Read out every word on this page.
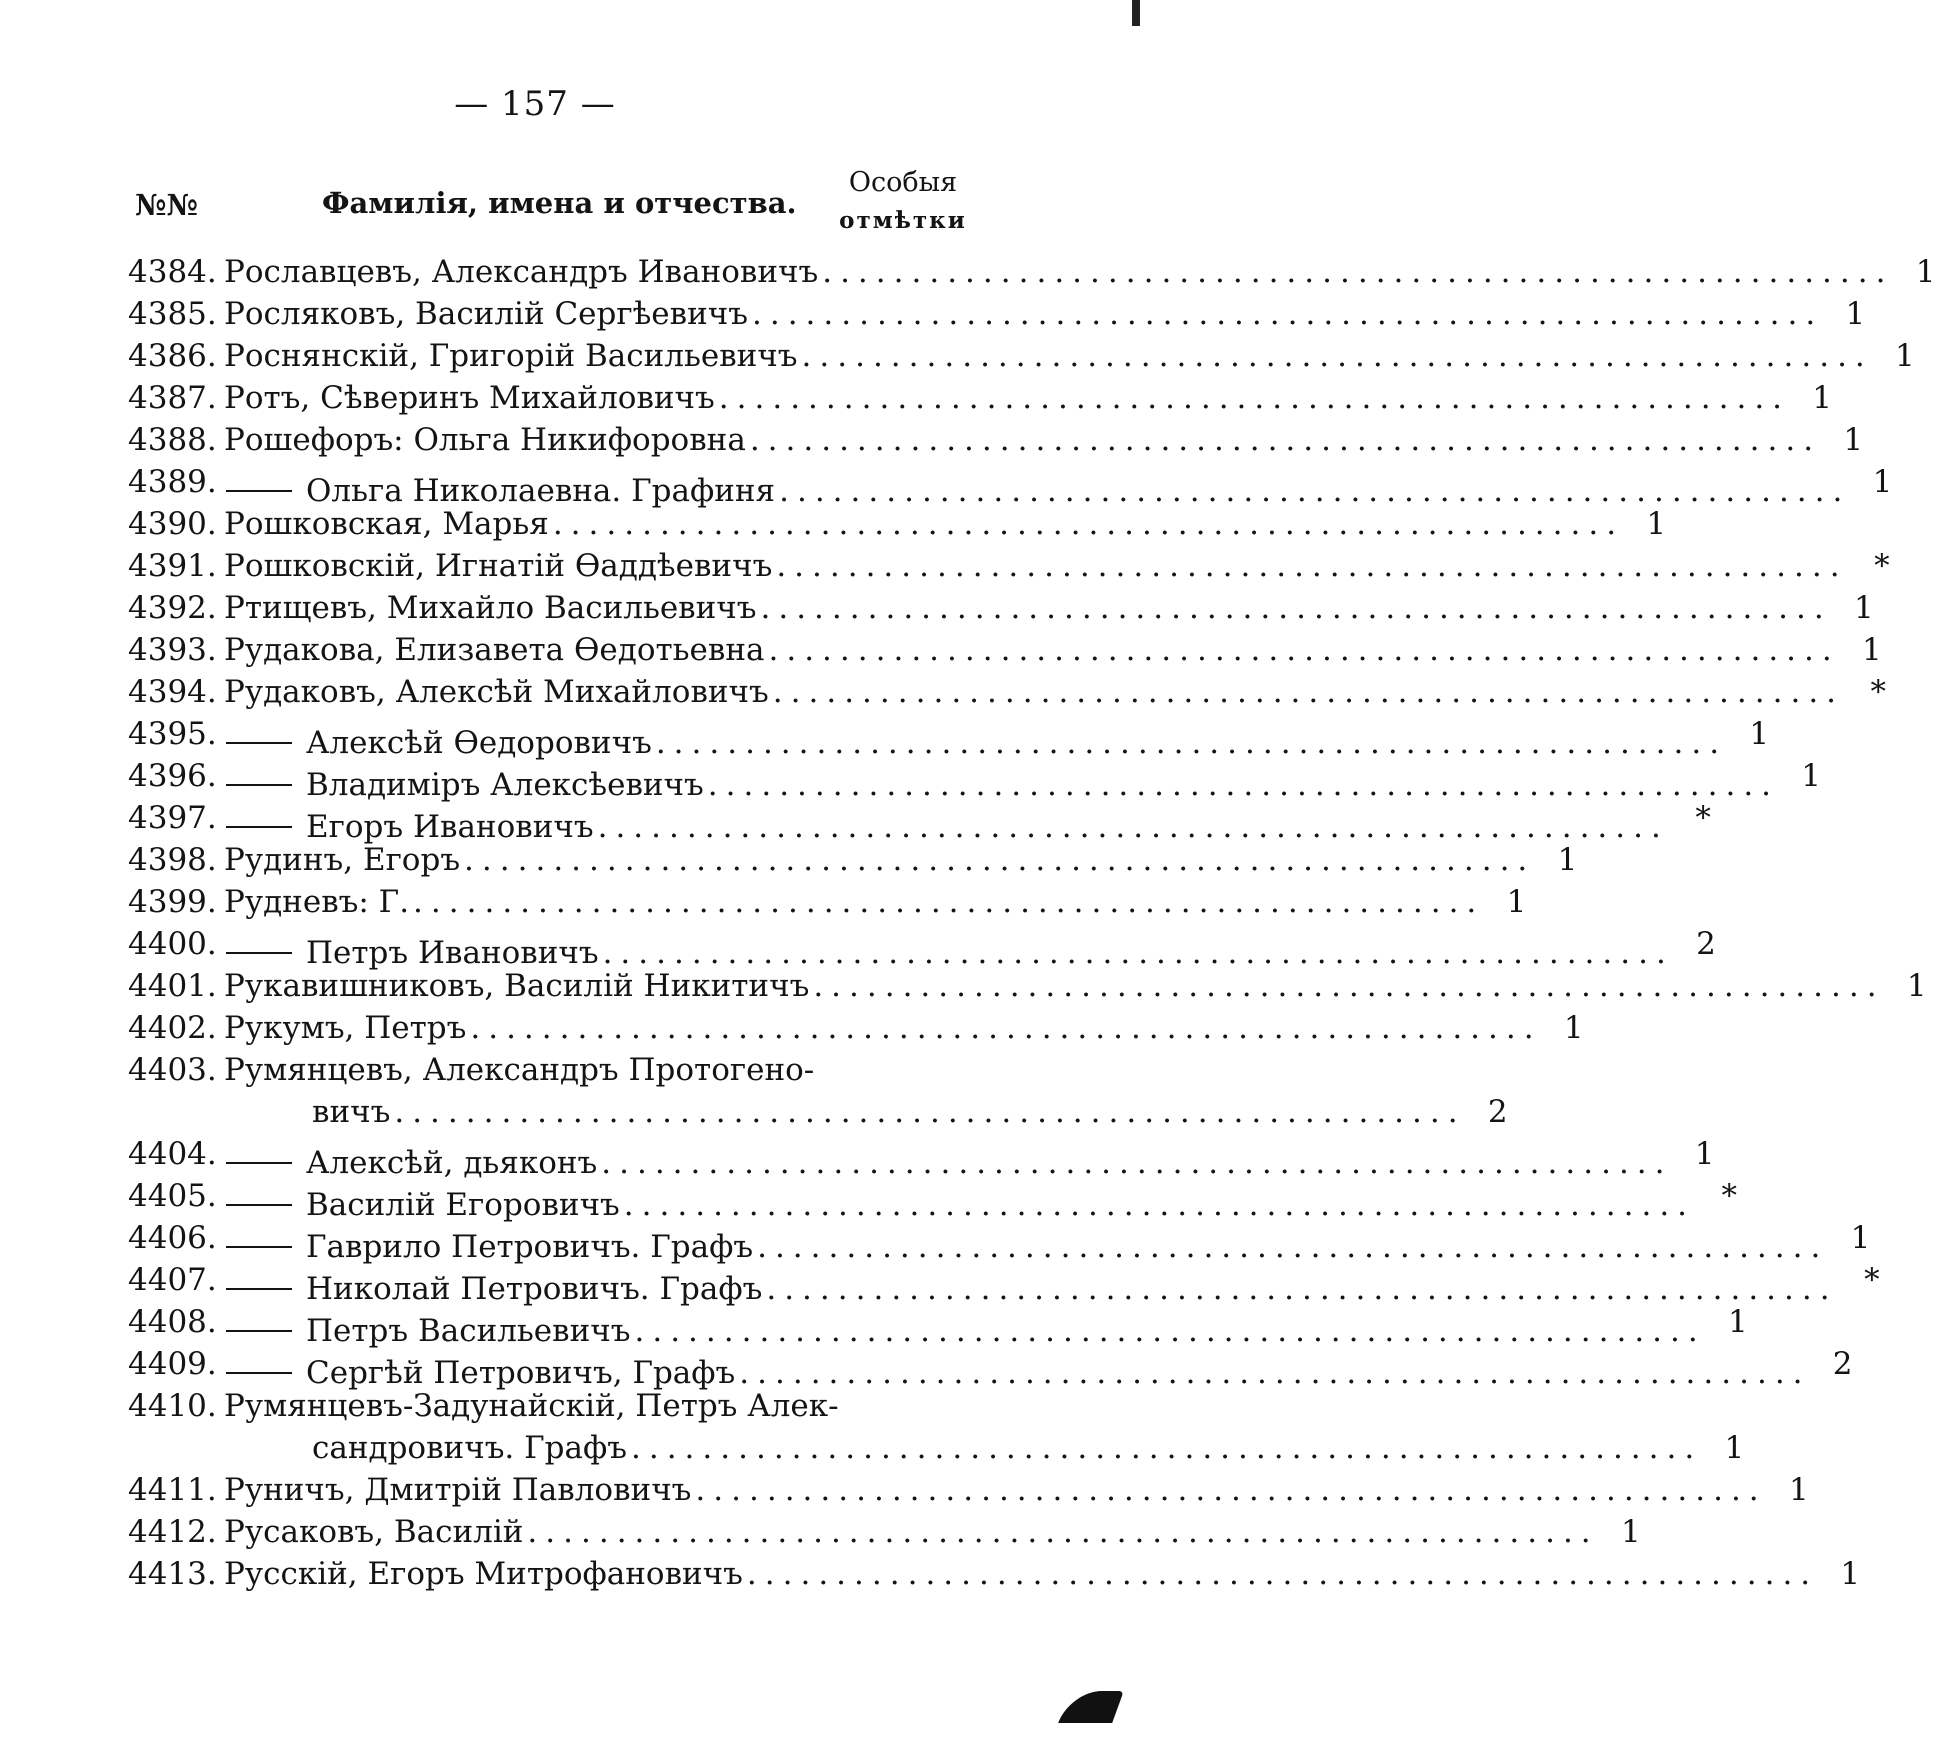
— 157 —
№№	Фамилія, имена и отчества.
Особыя
отмѣтки
4384. Рославцевъ, Александръ Ивановичъ ............................................................ 1
4385. Росляковъ, Василій Сергѣевичъ ............................................................ 1
4386. Роснянскій, Григорій Васильевичъ ............................................................ 1
4387. Ротъ, Сѣверинъ Михайловичъ ............................................................ 1
4388. Рошефоръ: Ольга Никифоровна ............................................................ 1
4389.	Ольга Николаевна. Графиня ............................................................ 1
4390. Рошковская, Марья ............................................................ 1
4391. Рошковскій, Игнатій Ѳаддѣевичъ ............................................................ *
4392. Ртищевъ, Михайло Васильевичъ ............................................................ 1
4393. Рудакова, Елизавета Ѳедотьевна ............................................................ 1
4394. Рудаковъ, Алексѣй Михайловичъ ............................................................ *
4395.	Алексѣй Ѳедоровичъ ............................................................ 1
4396.	Владиміръ Алексѣевичъ ............................................................ 1
4397.	Егоръ Ивановичъ ............................................................ *
4398. Рудинъ, Егоръ ............................................................ 1
4399. Рудневъ: Г. ............................................................ 1
4400.	Петръ Ивановичъ ............................................................ 2
4401. Рукавишниковъ, Василій Никитичъ ............................................................ 1
4402. Рукумъ, Петръ ............................................................ 1
4403. Румянцевъ, Александръ Протогено-
вичъ ............................................................ 2
4404.	Алексѣй, дьяконъ ............................................................ 1
4405.	Василій Егоровичъ ............................................................ *
4406.	Гаврило Петровичъ. Графъ ............................................................ 1
4407.	Николай Петровичъ. Графъ ............................................................ *
4408.	Петръ Васильевичъ ............................................................ 1
4409.	Сергѣй Петровичъ, Графъ ............................................................ 2
4410. Румянцевъ-Задунайскій, Петръ Алек-
сандровичъ. Графъ ............................................................ 1
4411. Руничъ, Дмитрій Павловичъ ............................................................ 1
4412. Русаковъ, Василій ............................................................ 1
4413. Русскій, Егоръ Митрофановичъ ............................................................ 1
